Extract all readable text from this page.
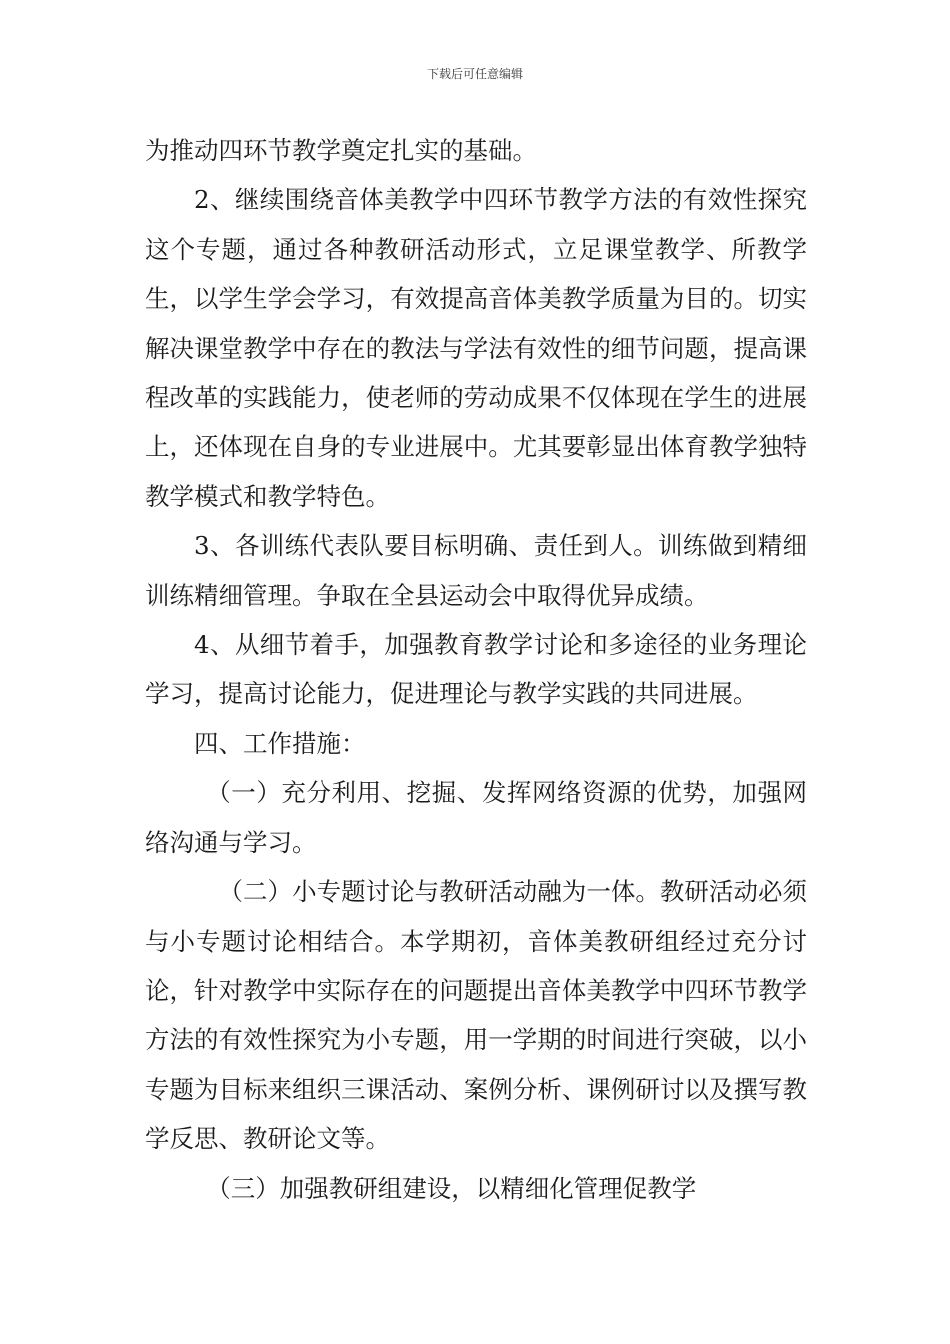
下载后可任意编辑

为推动四环节教学奠定扎实的基础。

2、继续围绕音体美教学中四环节教学方法的有效性探究这个专题，通过各种教研活动形式，立足课堂教学、所教学生，以学生学会学习，有效提高音体美教学质量为目的。切实解决课堂教学中存在的教法与学法有效性的细节问题，提高课程改革的实践能力，使老师的劳动成果不仅体现在学生的进展上，还体现在自身的专业进展中。尤其要彰显出体育教学独特教学模式和教学特色。

3、各训练代表队要目标明确、责任到人。训练做到精细训练精细管理。争取在全县运动会中取得优异成绩。

4、从细节着手，加强教育教学讨论和多途径的业务理论学习，提高讨论能力，促进理论与教学实践的共同进展。

四、工作措施：

（一）充分利用、挖掘、发挥网络资源的优势，加强网络沟通与学习。

（二）小专题讨论与教研活动融为一体。教研活动必须与小专题讨论相结合。本学期初，音体美教研组经过充分讨论，针对教学中实际存在的问题提出音体美教学中四环节教学方法的有效性探究为小专题，用一学期的时间进行突破，以小专题为目标来组织三课活动、案例分析、课例研讨以及撰写教学反思、教研论文等。

（三）加强教研组建设，以精细化管理促教学
